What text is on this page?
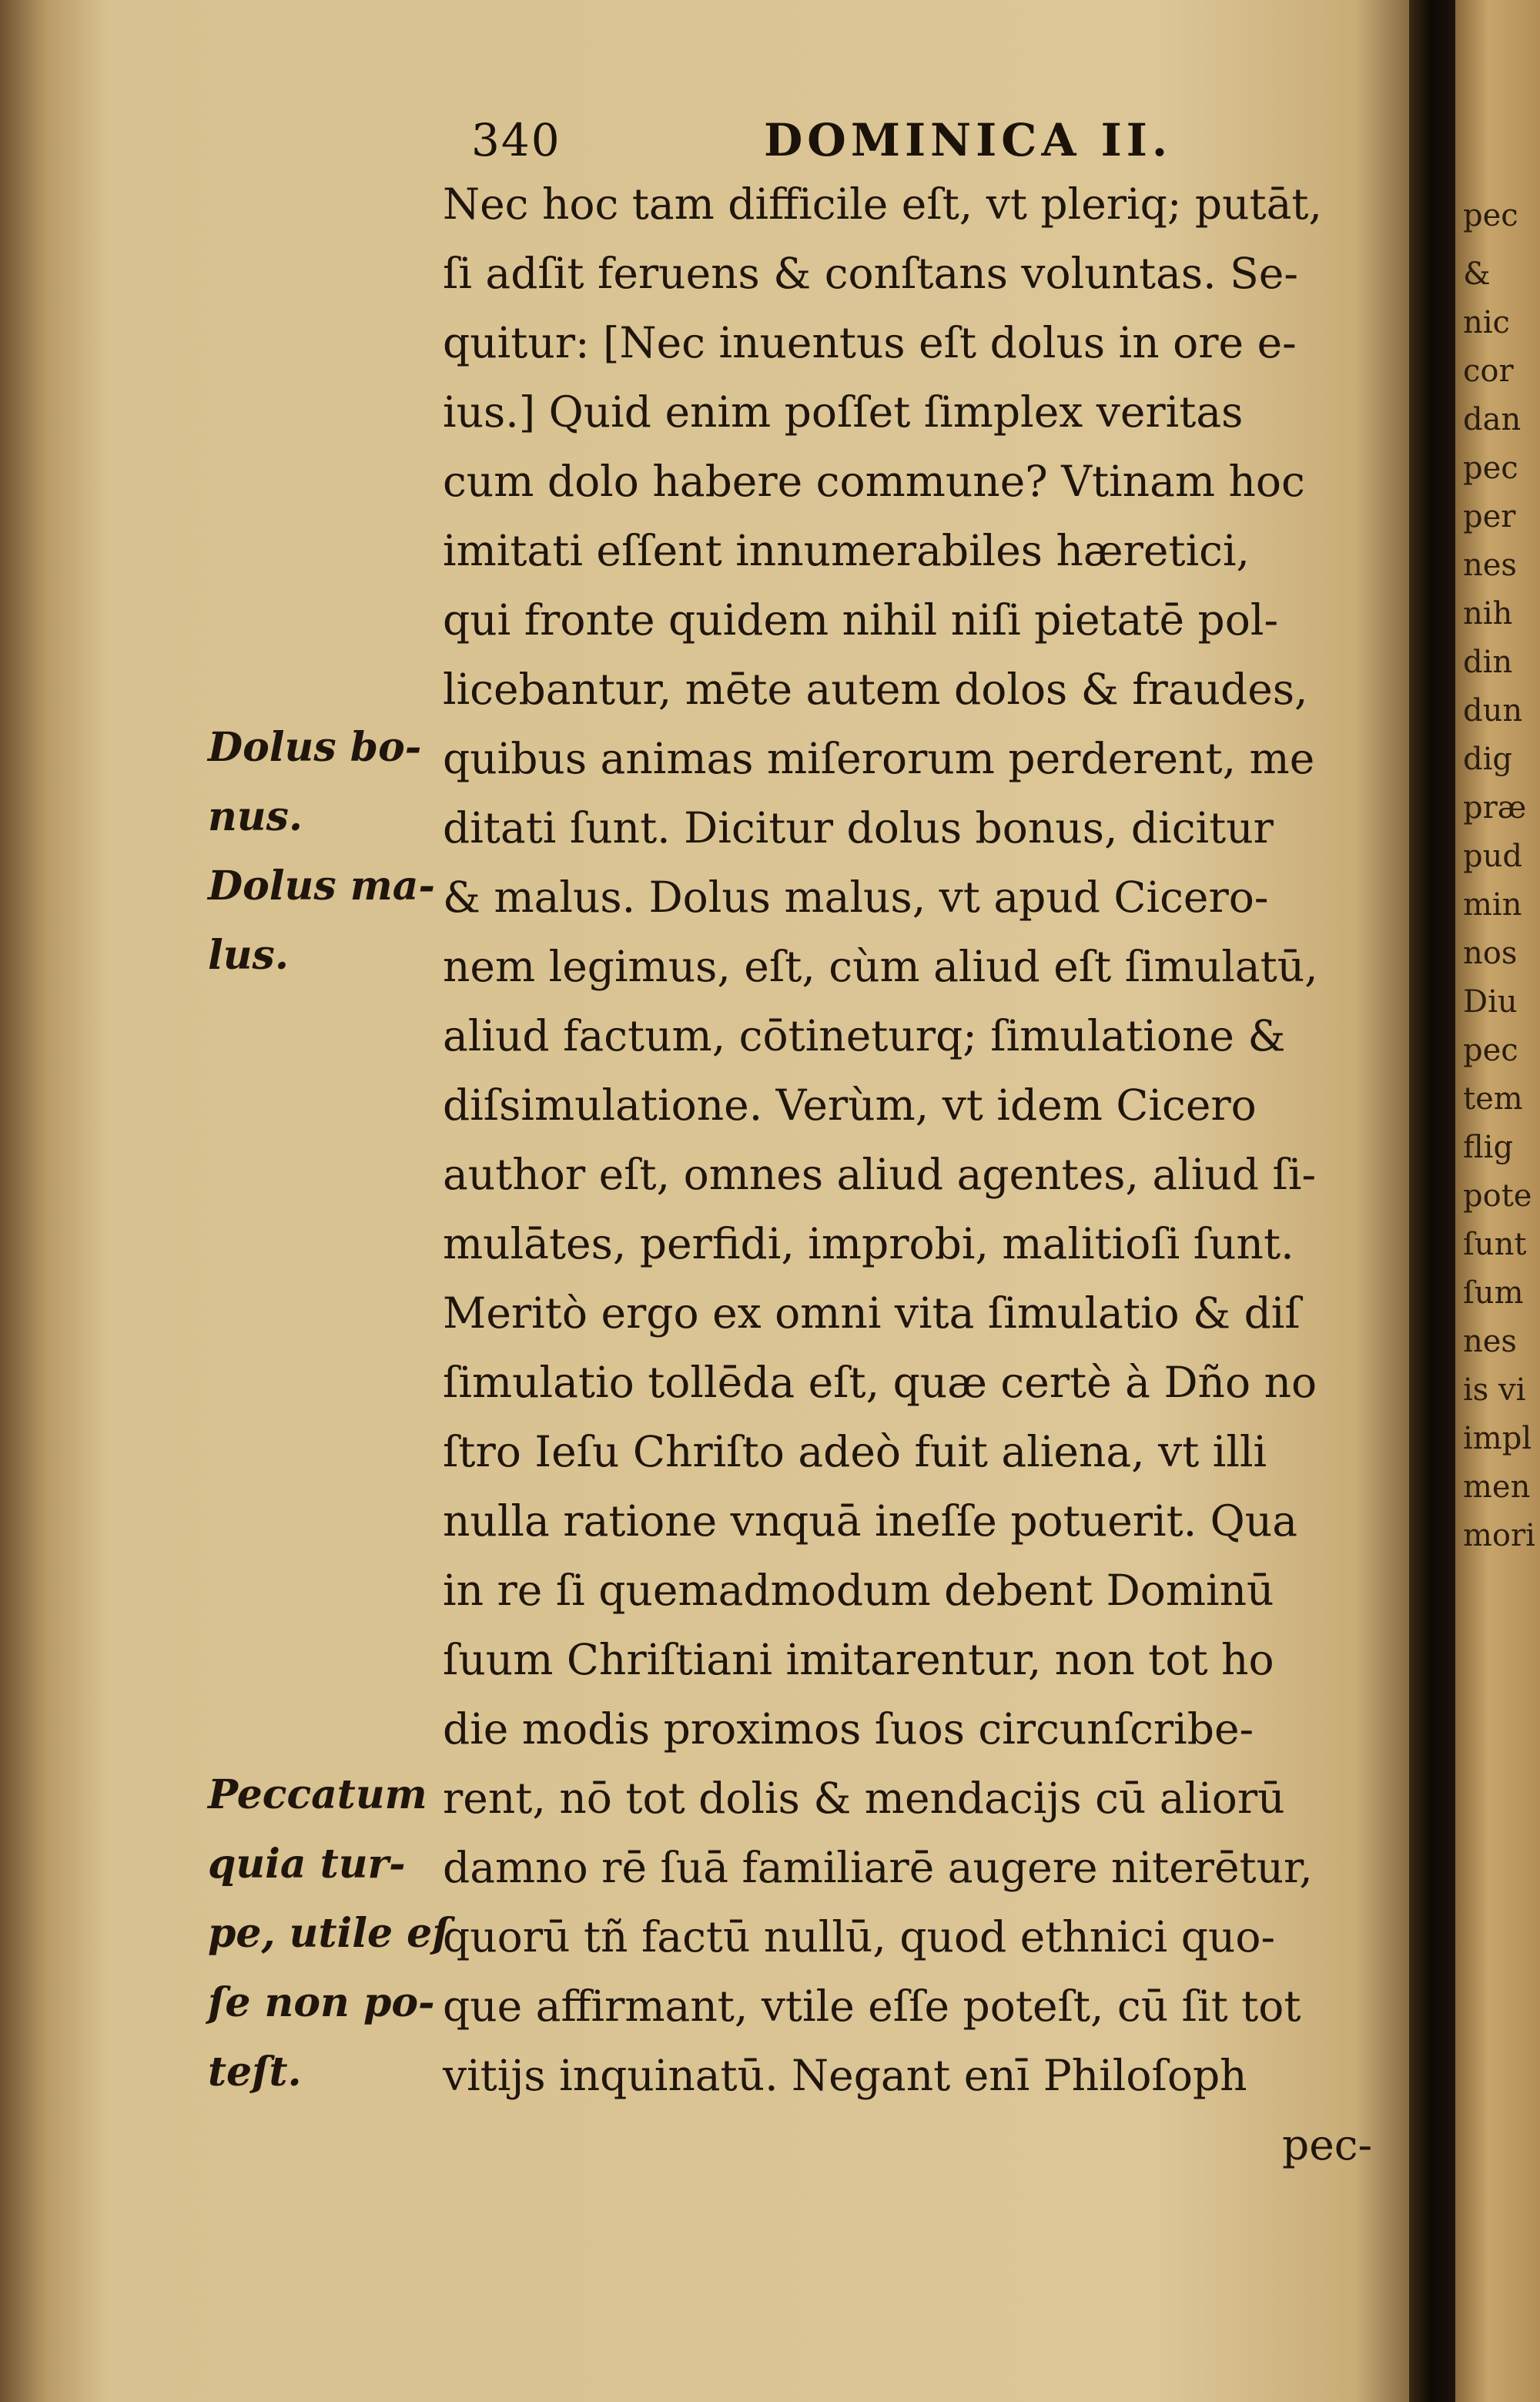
340	DOMINICA II.
Nec hoc tam difficile eſt, vt pleriq; putāt,
ſi adſit feruens & conſtans voluntas. Se-
quitur: [Nec inuentus eſt dolus in ore e-
ius.] Quid enim poſſet ſimplex veritas
cum dolo habere commune? Vtinam hoc
imitati eſſent innumerabiles hæretici,
qui fronte quidem nihil niſi pietatē pol-
licebantur, mēte autem dolos & fraudes,
quibus animas miſerorum perderent, me
ditati ſunt. Dicitur dolus bonus, dicitur
& malus. Dolus malus, vt apud Cicero-
nem legimus, eſt, cùm aliud eſt ſimulatū,
aliud factum, cōtineturq; ſimulatione &
diſsimulatione. Verùm, vt idem Cicero
author eſt, omnes aliud agentes, aliud ſi-
mulātes, perfidi, improbi, malitioſi ſunt.
Meritò ergo ex omni vita ſimulatio & diſ
ſimulatio tollēda eſt, quæ certè à Dño no
ſtro Ieſu Chriſto adeò fuit aliena, vt illi
nulla ratione vnquā ineſſe potuerit. Qua
in re ſi quemadmodum debent Dominū
ſuum Chriſtiani imitarentur, non tot ho
die modis proximos ſuos circunſcribe-
rent, nō tot dolis & mendacijs cū aliorū
damno rē ſuā familiarē augere niterētur,
quorū tñ factū nullū, quod ethnici quo-
que affirmant, vtile eſſe poteſt, cū ſit tot
vitijs inquinatū. Negant enī Philoſoph
pec-
Dolus bo-
nus.
Dolus ma-
lus.
Peccatum
quia tur-
pe, utile eſ
ſe non po-
teſt.
pec
&
nic
cor
dan
pec
per
nes
nih
din
dun
dig
præ
pud
min
nos
Diu
pec
tem
flig
pote
ſunt
ſum
nes
is vi
impl
men
mori
